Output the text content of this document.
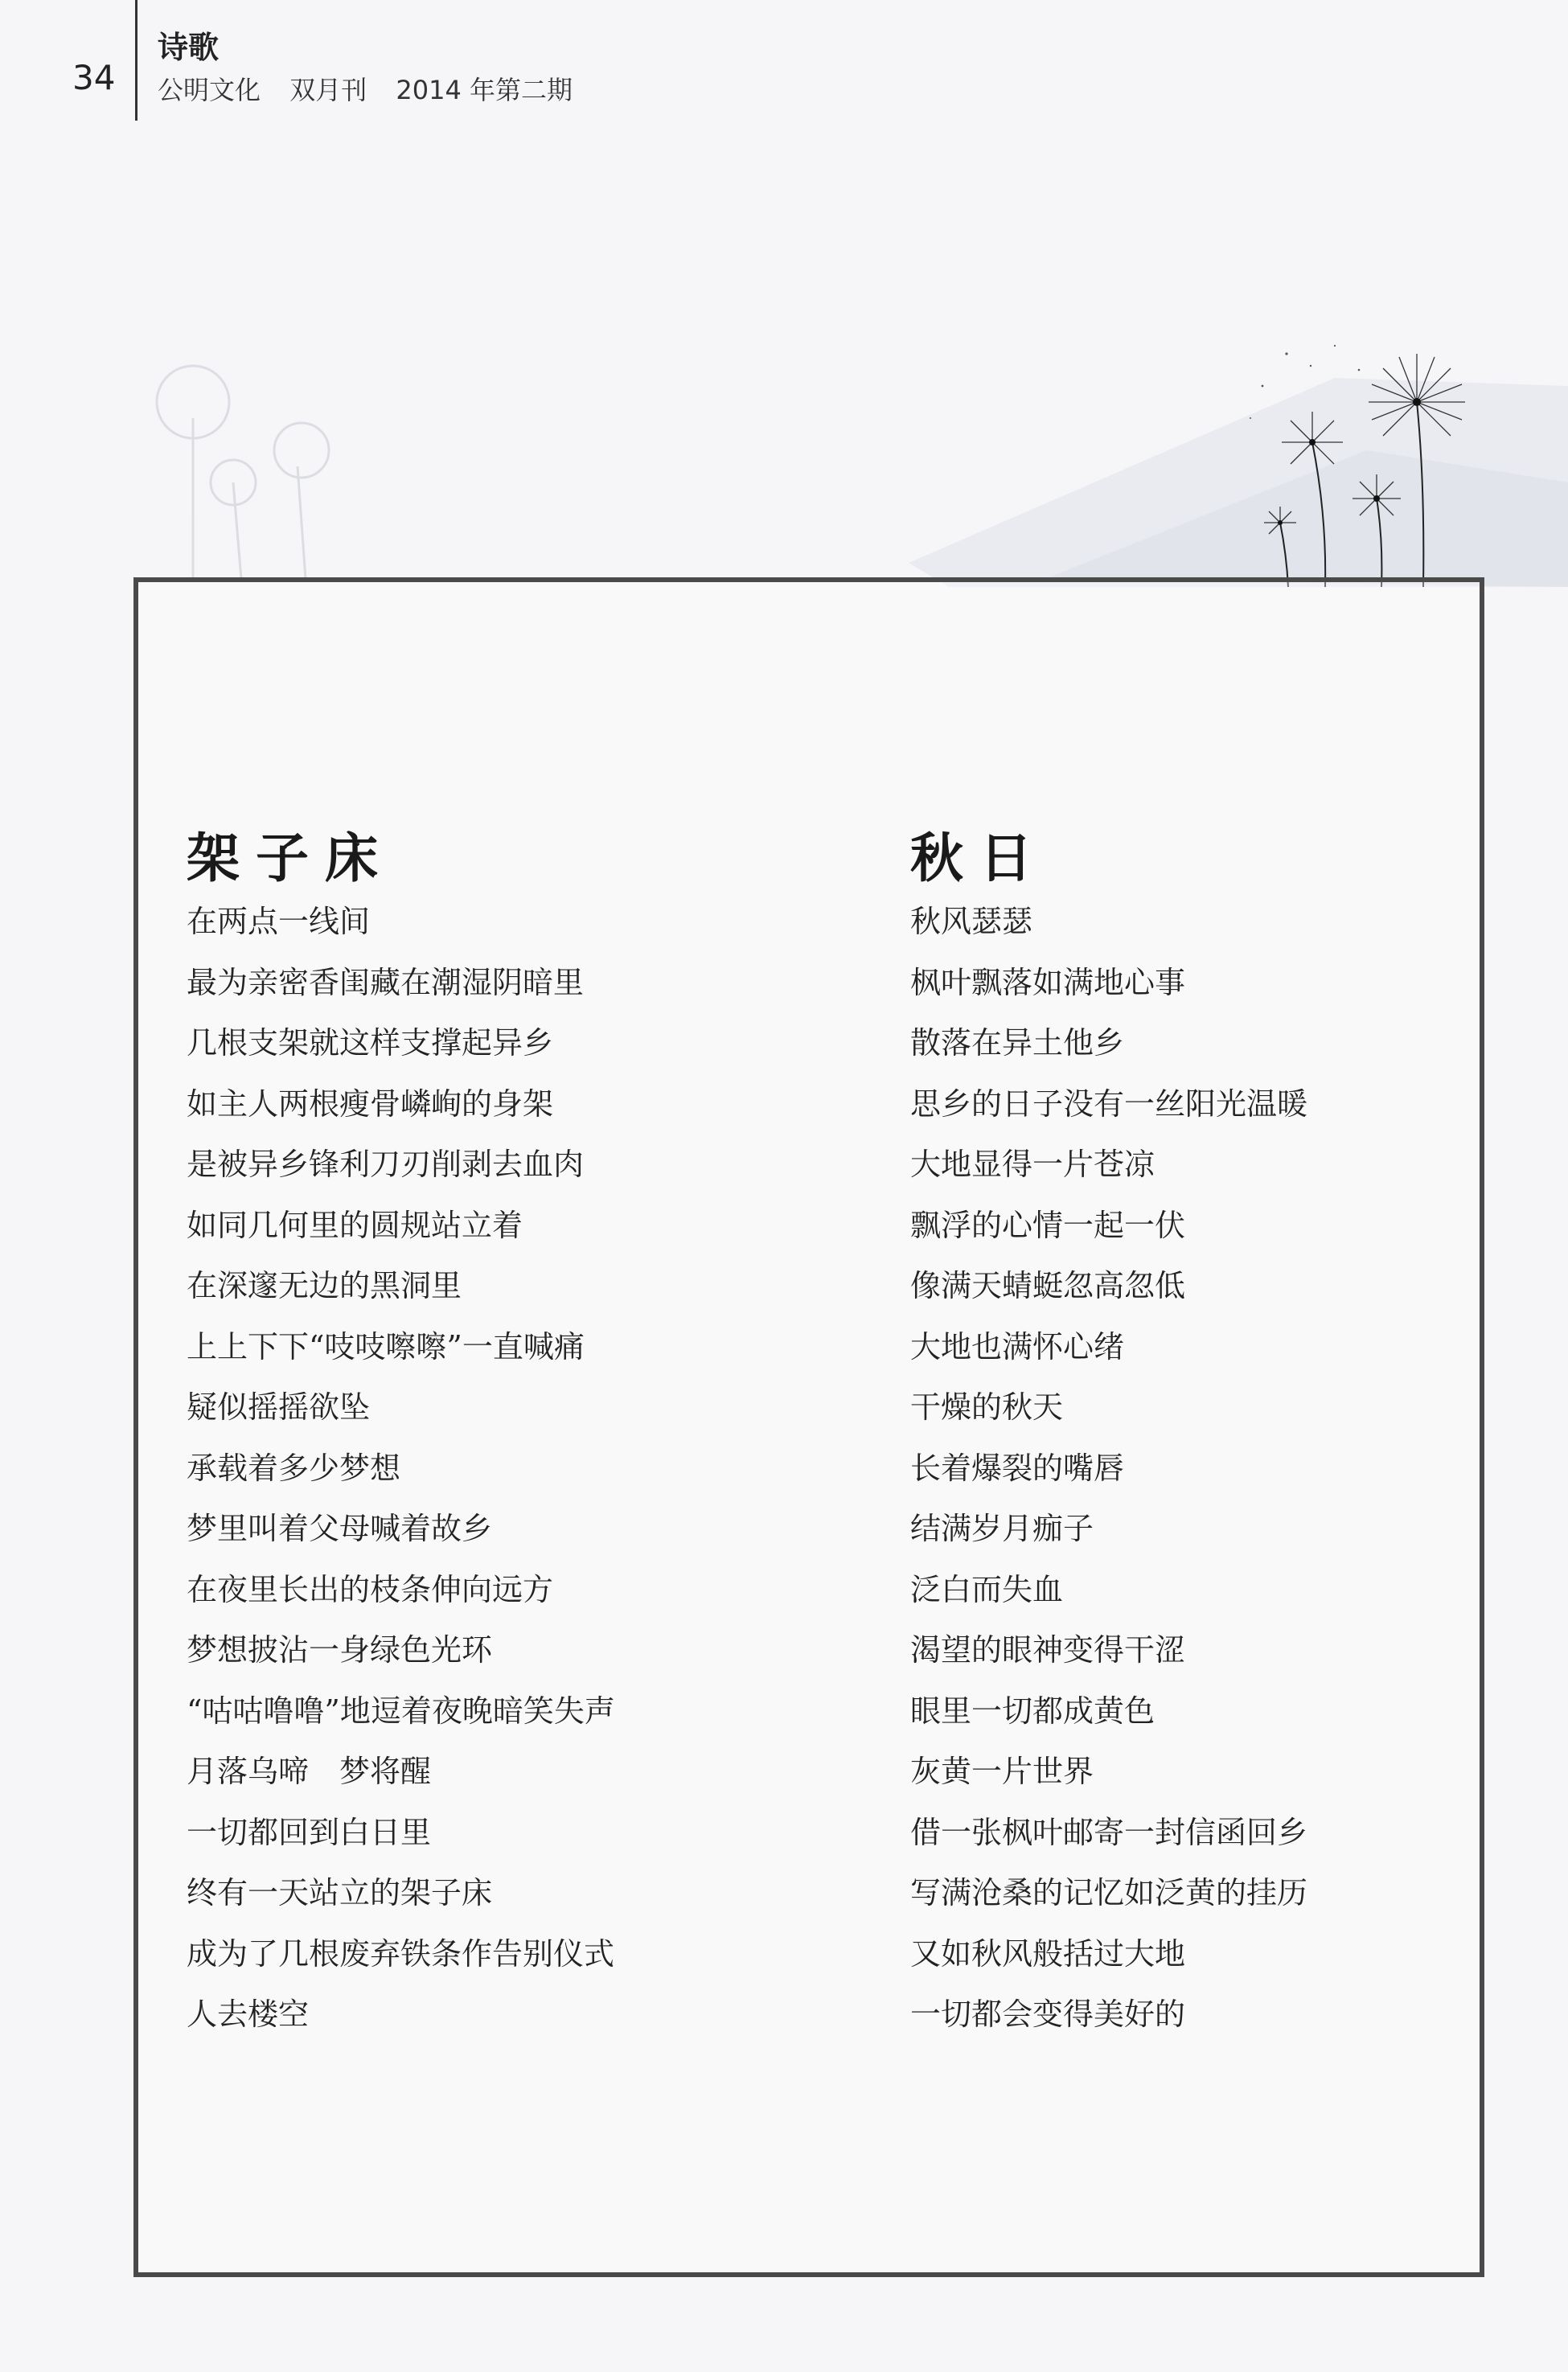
34
诗歌
公明文化 双月刊 2014 年第二期
架子床
在两点一线间
最为亲密香闺藏在潮湿阴暗里
几根支架就这样支撑起异乡
如主人两根瘦骨嶙峋的身架
是被异乡锋利刀刃削剥去血肉
如同几何里的圆规站立着
在深邃无边的黑洞里
上上下下“吱吱嚓嚓”一直喊痛
疑似摇摇欲坠
承载着多少梦想
梦里叫着父母喊着故乡
在夜里长出的枝条伸向远方
梦想披沾一身绿色光环
“咕咕噜噜”地逗着夜晚暗笑失声
月落乌啼　梦将醒
一切都回到白日里
终有一天站立的架子床
成为了几根废弃铁条作告别仪式
人去楼空
秋日
秋风瑟瑟
枫叶飘落如满地心事
散落在异土他乡
思乡的日子没有一丝阳光温暖
大地显得一片苍凉
飘浮的心情一起一伏
像满天蜻蜓忽高忽低
大地也满怀心绪
干燥的秋天
长着爆裂的嘴唇
结满岁月痂子
泛白而失血
渴望的眼神变得干涩
眼里一切都成黄色
灰黄一片世界
借一张枫叶邮寄一封信函回乡
写满沧桑的记忆如泛黄的挂历
又如秋风般括过大地
一切都会变得美好的
